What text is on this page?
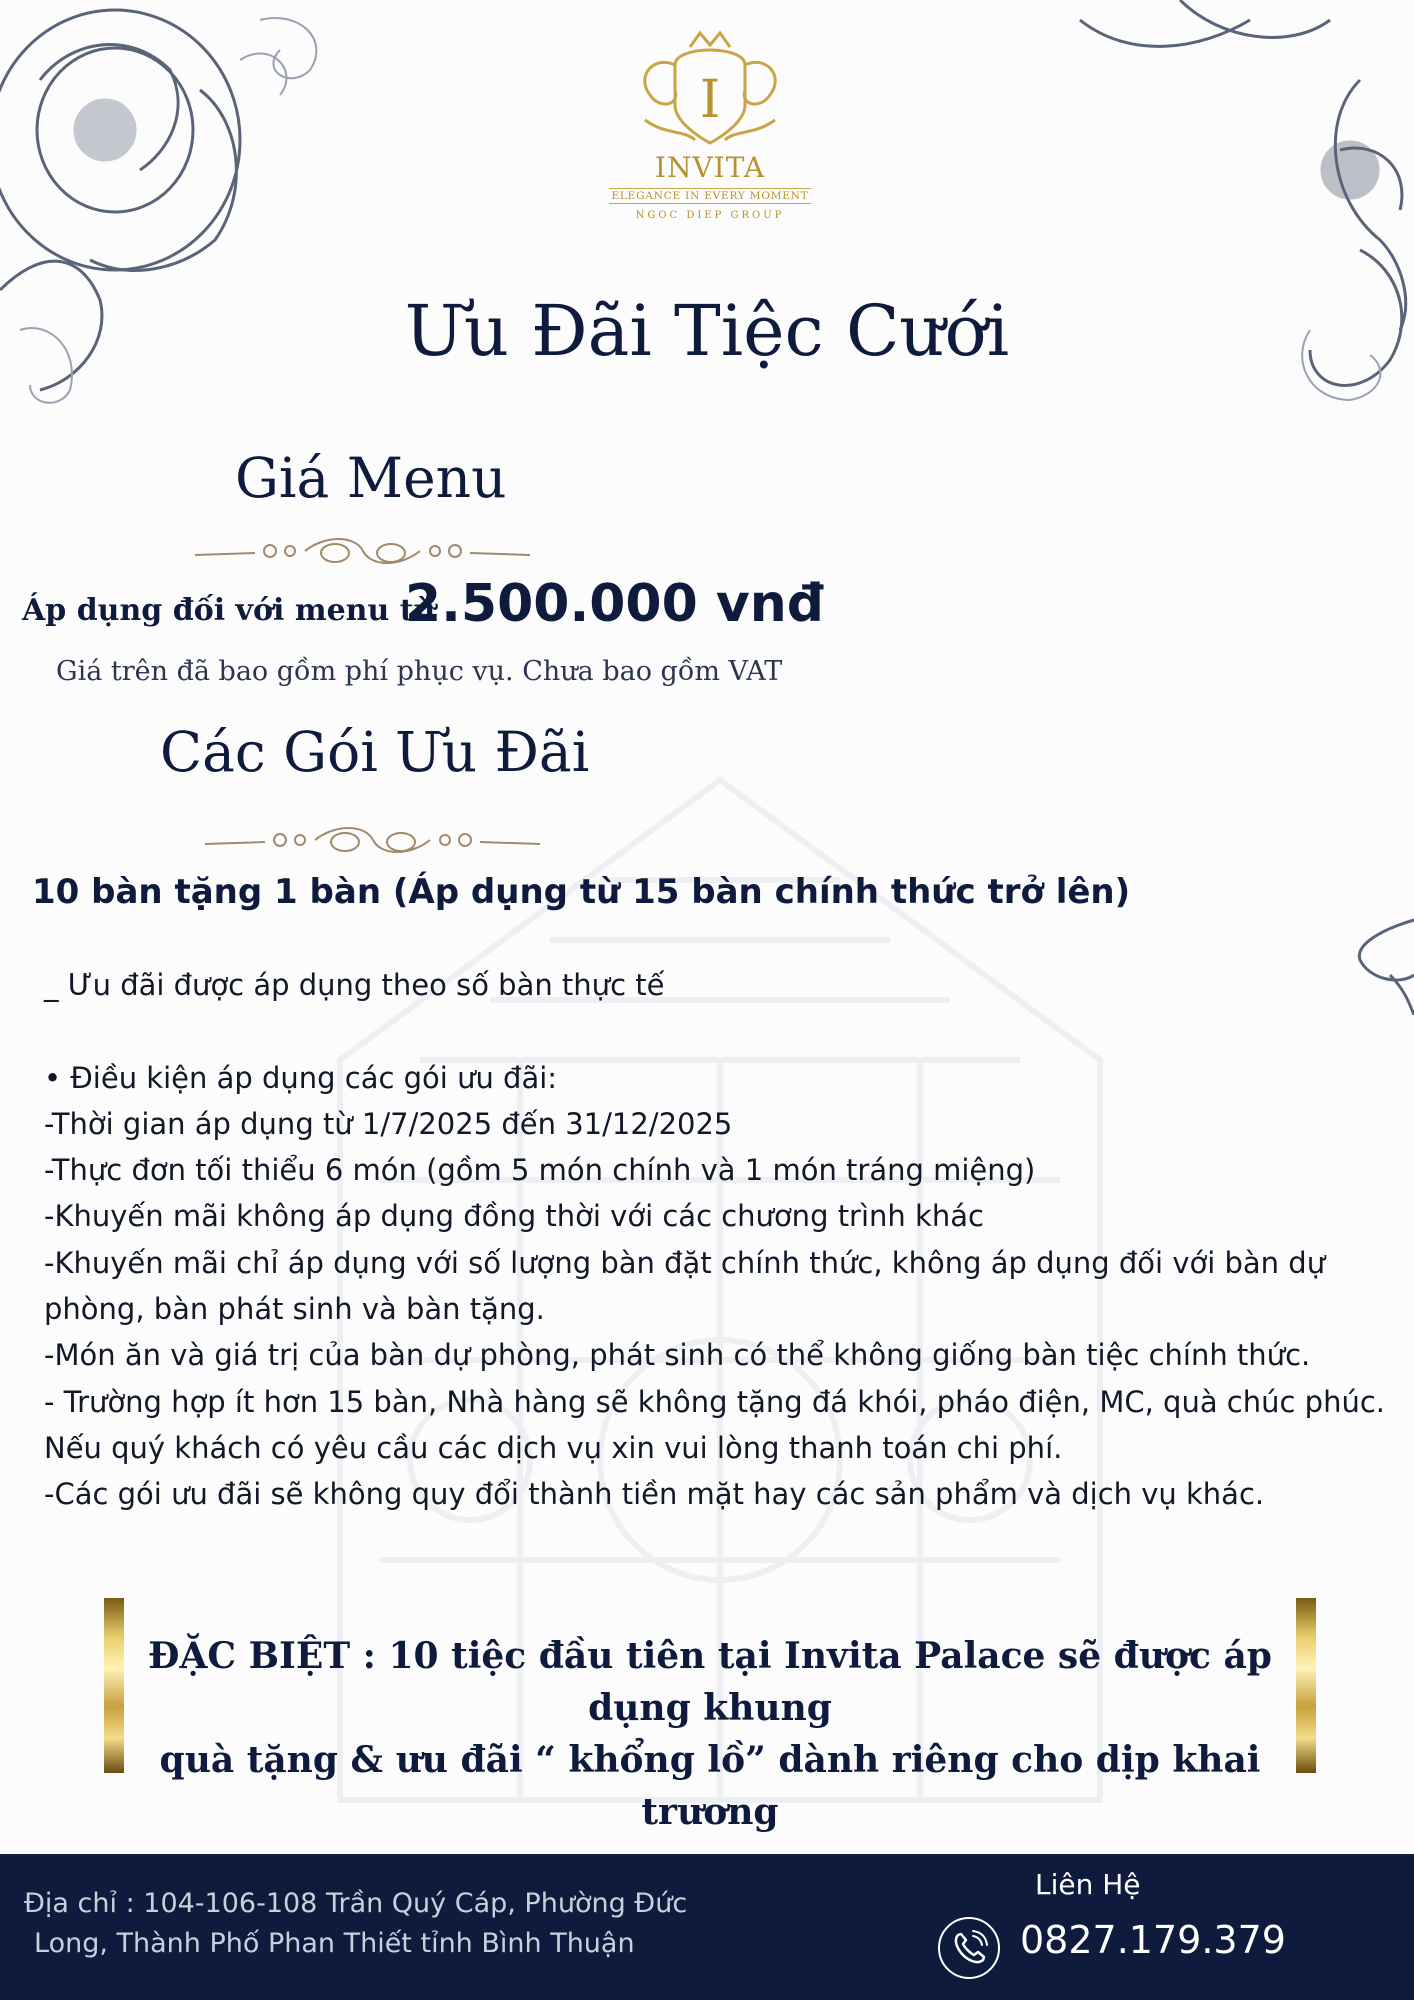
I
INVITA
ELEGANCE IN EVERY MOMENT
NGOC DIEP GROUP
Ưu Đãi Tiệc Cưới
Giá Menu
Áp dụng đối với menu từ
2.500.000 vnđ
Giá trên đã bao gồm phí phục vụ. Chưa bao gồm VAT
Các Gói Ưu Đãi
10 bàn tặng 1 bàn (Áp dụng từ 15 bàn chính thức trở lên)
_ Ưu đãi được áp dụng theo số bàn thực tế
• Điều kiện áp dụng các gói ưu đãi:
-Thời gian áp dụng từ 1/7/2025 đến 31/12/2025
-Thực đơn tối thiểu 6 món (gồm 5 món chính và 1 món tráng miệng)
-Khuyến mãi không áp dụng đồng thời với các chương trình khác
-Khuyến mãi chỉ áp dụng với số lượng bàn đặt chính thức, không áp dụng đối với bàn dự phòng, bàn phát sinh và bàn tặng.
-Món ăn và giá trị của bàn dự phòng, phát sinh có thể không giống bàn tiệc chính thức.
- Trường hợp ít hơn 15 bàn, Nhà hàng sẽ không tặng đá khói, pháo điện, MC, quà chúc phúc. Nếu quý khách có yêu cầu các dịch vụ xin vui lòng thanh toán chi phí.
-Các gói ưu đãi sẽ không quy đổi thành tiền mặt hay các sản phẩm và dịch vụ khác.
ĐẶC BIỆT : 10 tiệc đầu tiên tại Invita Palace sẽ được áp dụng khung
quà tặng & ưu đãi “ khổng lồ” dành riêng cho dịp khai trương
Địa chỉ : 104-106-108 Trần Quý Cáp, Phường Đức
Long, Thành Phố Phan Thiết tỉnh Bình Thuận
Liên Hệ
0827.179.379
